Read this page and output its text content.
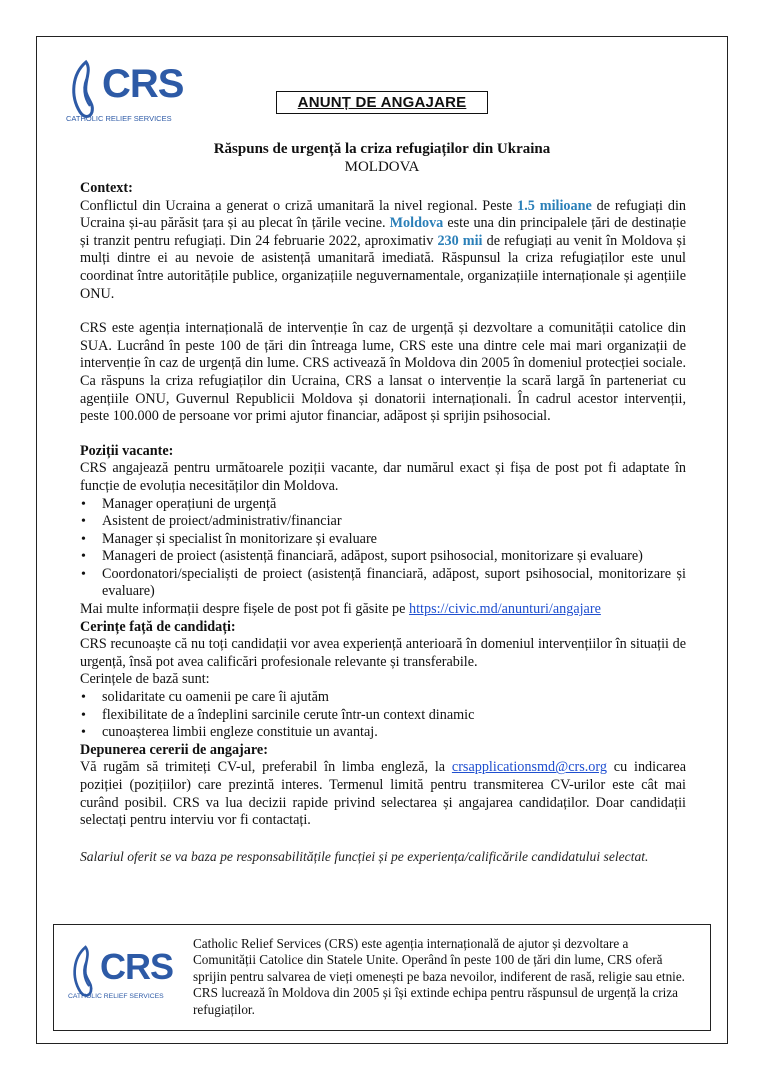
CRS
CATHOLIC RELIEF SERVICES
ANUNȚ DE ANGAJARE
Răspuns de urgență la criza refugiaților din Ukraina
MOLDOVA
Context:

Conflictul din Ucraina a generat o criză umanitară la nivel regional. Peste 1.5 milioane de refugiați din Ucraina și-au părăsit țara și au plecat în țările vecine. Moldova este una din principalele țări de destinație și tranzit pentru refugiați. Din 24 februarie 2022, aproximativ 230 mii de refugiați au venit în Moldova și mulți dintre ei au nevoie de asistență umanitară imediată. Răspunsul la criza refugiaților este unul coordinat între autoritățile publice, organizațiile neguvernamentale, organizațiile internaționale și agențiile ONU.

CRS este agenția internațională de intervenție în caz de urgență și dezvoltare a comunității catolice din SUA. Lucrând în peste 100 de țări din întreaga lume, CRS este una dintre cele mai mari organizații de intervenție în caz de urgență din lume. CRS activează în Moldova din 2005 în domeniul protecției sociale. Ca răspuns la criza refugiaților din Ucraina, CRS a lansat o intervenție la scară largă în parteneriat cu agențiile ONU, Guvernul Republicii Moldova și donatorii internaționali. În cadrul acestor intervenții, peste 100.000 de persoane vor primi ajutor financiar, adăpost și sprijin psihosocial.

Poziții vacante:

CRS angajează pentru următoarele poziții vacante, dar numărul exact și fișa de post pot fi adaptate în funcție de evoluția necesităților din Moldova.

• Manager operațiuni de urgență
• Asistent de proiect/administrativ/financiar
• Manager și specialist în monitorizare și evaluare
• Manageri de proiect (asistență financiară, adăpost, suport psihosocial, monitorizare și evaluare)
• Coordonatori/specialiști de proiect (asistență financiară, adăpost, suport psihosocial, monitorizare și evaluare)

Mai multe informații despre fișele de post pot fi găsite pe https://civic.md/anunturi/angajare

Cerințe față de candidați:

CRS recunoaște că nu toți candidații vor avea experiență anterioară în domeniul intervențiilor în situații de urgență, însă pot avea calificări profesionale relevante și transferabile.

Cerințele de bază sunt:
• solidaritate cu oamenii pe care îi ajutăm
• flexibilitate de a îndeplini sarcinile cerute într-un context dinamic
• cunoașterea limbii engleze constituie un avantaj.
Depunerea cererii de angajare:

Vă rugăm să trimiteți CV-ul, preferabil în limba engleză, la crsapplicationsmd@crs.org cu indicarea poziției (pozițiilor) care prezintă interes. Termenul limită pentru transmiterea CV-urilor este cât mai curând posibil. CRS va lua decizii rapide privind selectarea și angajarea candidaților. Doar candidații selectați pentru interviu vor fi contactați.

Salariul oferit se va baza pe responsabilitățile funcției și pe experiența/calificările candidatului selectat.

CRS
CATHOLIC RELIEF SERVICES
Catholic Relief Services (CRS) este agenția internațională de ajutor și dezvoltare a Comunității Catolice din Statele Unite. Operând în peste 100 de țări din lume, CRS oferă sprijin pentru salvarea de vieți omenești pe baza nevoilor, indiferent de rasă, religie sau etnie. CRS lucrează în Moldova din 2005 și își extinde echipa pentru răspunsul de urgență la criza refugiaților.
